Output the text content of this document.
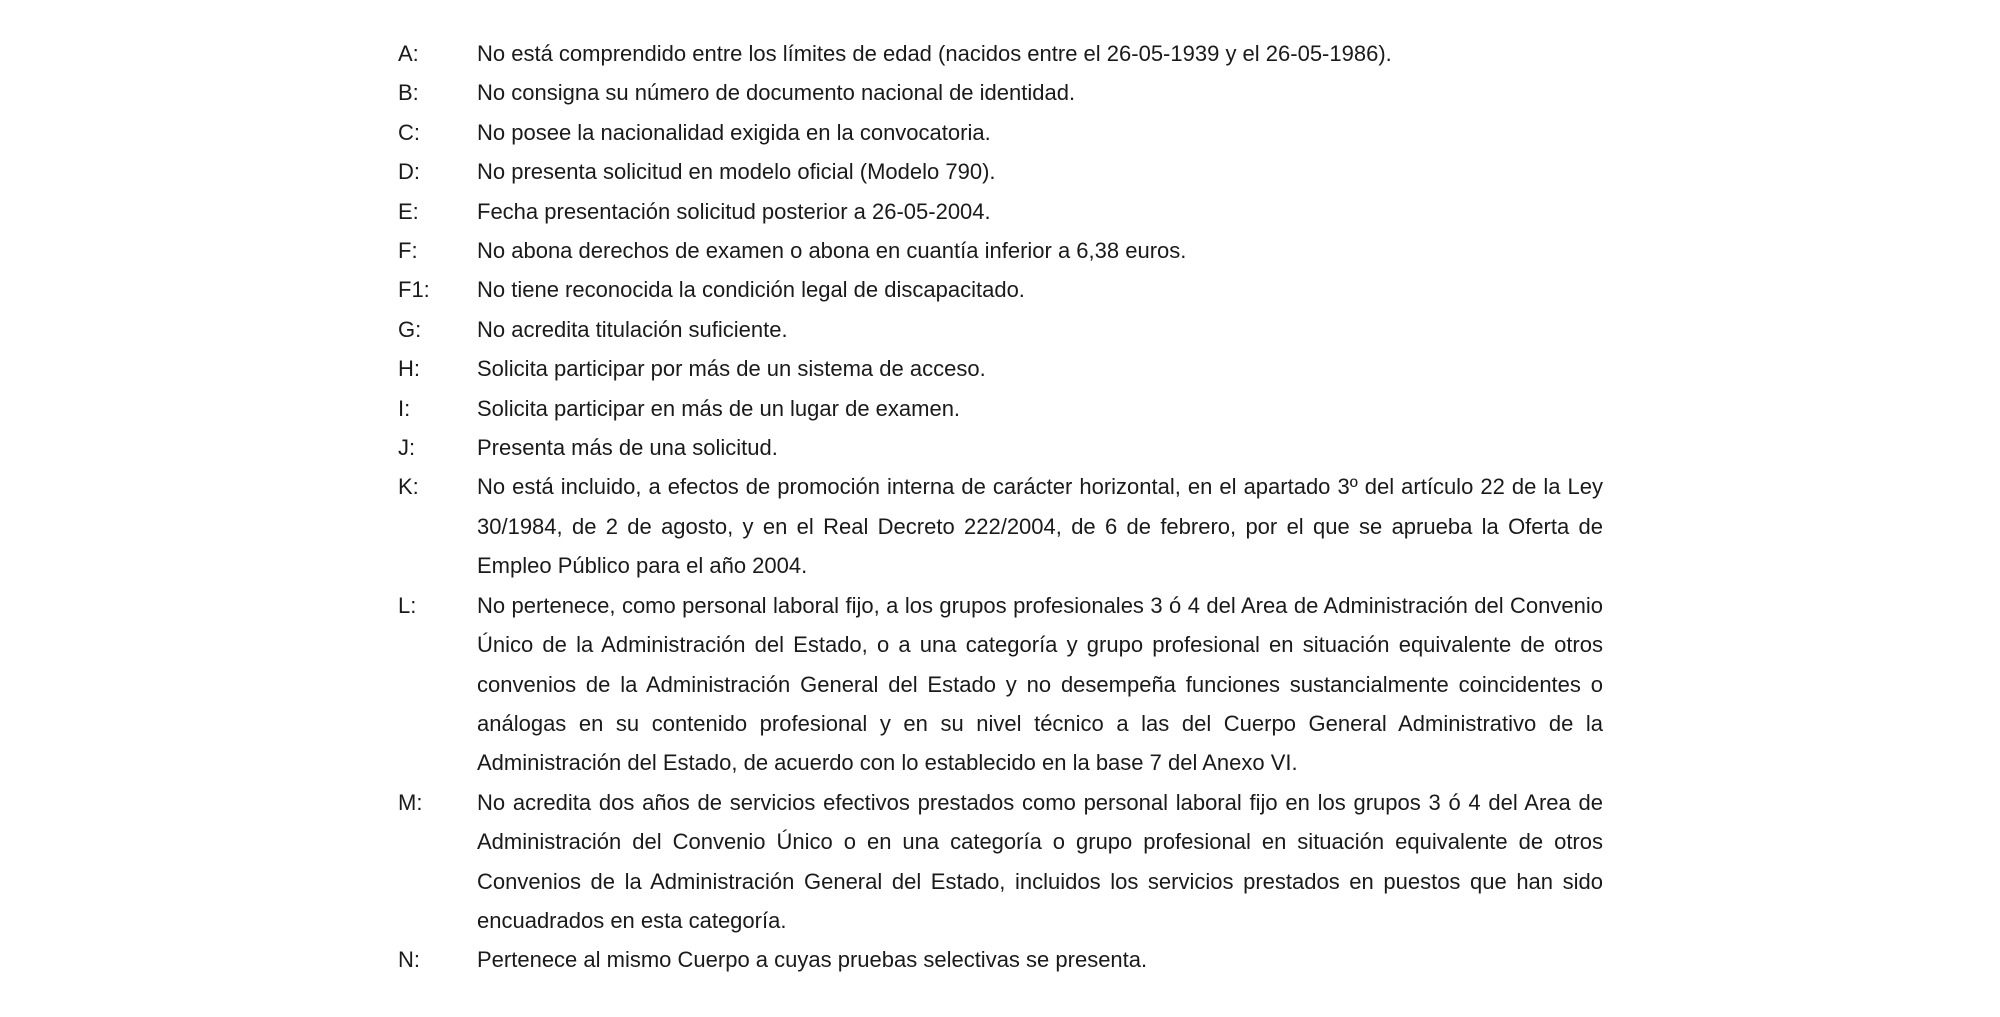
A:	No está comprendido entre los límites de edad (nacidos entre el 26-05-1939 y el 26-05-1986).
B:	No consigna su número de documento nacional de identidad.
C:	No posee la nacionalidad exigida en la convocatoria.
D:	No presenta solicitud en modelo oficial (Modelo 790).
E:	Fecha presentación solicitud posterior a 26-05-2004.
F:	No abona derechos de examen o abona en cuantía inferior a 6,38 euros.
F1:	No tiene reconocida la condición legal de discapacitado.
G:	No acredita titulación suficiente.
H:	Solicita participar por más de un sistema de acceso.
I:	Solicita participar en más de un lugar de examen.
J:	Presenta más de una solicitud.
K:	No está incluido, a efectos de promoción interna de carácter horizontal, en el apartado 3º del artículo 22 de la Ley 30/1984, de 2 de agosto, y en el Real Decreto 222/2004, de 6 de febrero, por el que se aprueba la Oferta de Empleo Público para el año 2004.
L:	No pertenece, como personal laboral fijo, a los grupos profesionales 3 ó 4 del Area de Administración del Convenio Único de la Administración del Estado, o a una categoría y grupo profesional en situación equivalente de otros convenios de la Administración General del Estado y no desempeña funciones sustancialmente coincidentes o análogas en su contenido profesional y en su nivel técnico a las del Cuerpo General Administrativo de la Administración del Estado, de acuerdo con lo establecido en la base 7 del Anexo VI.
M:	No acredita dos años de servicios efectivos prestados como personal laboral fijo en los grupos 3 ó 4 del Area de Administración del Convenio Único o en una categoría o grupo profesional en situación equivalente de otros Convenios de la Administración General del Estado, incluidos los servicios prestados en puestos que han sido encuadrados en esta categoría.
N:	Pertenece al mismo Cuerpo a cuyas pruebas selectivas se presenta.
